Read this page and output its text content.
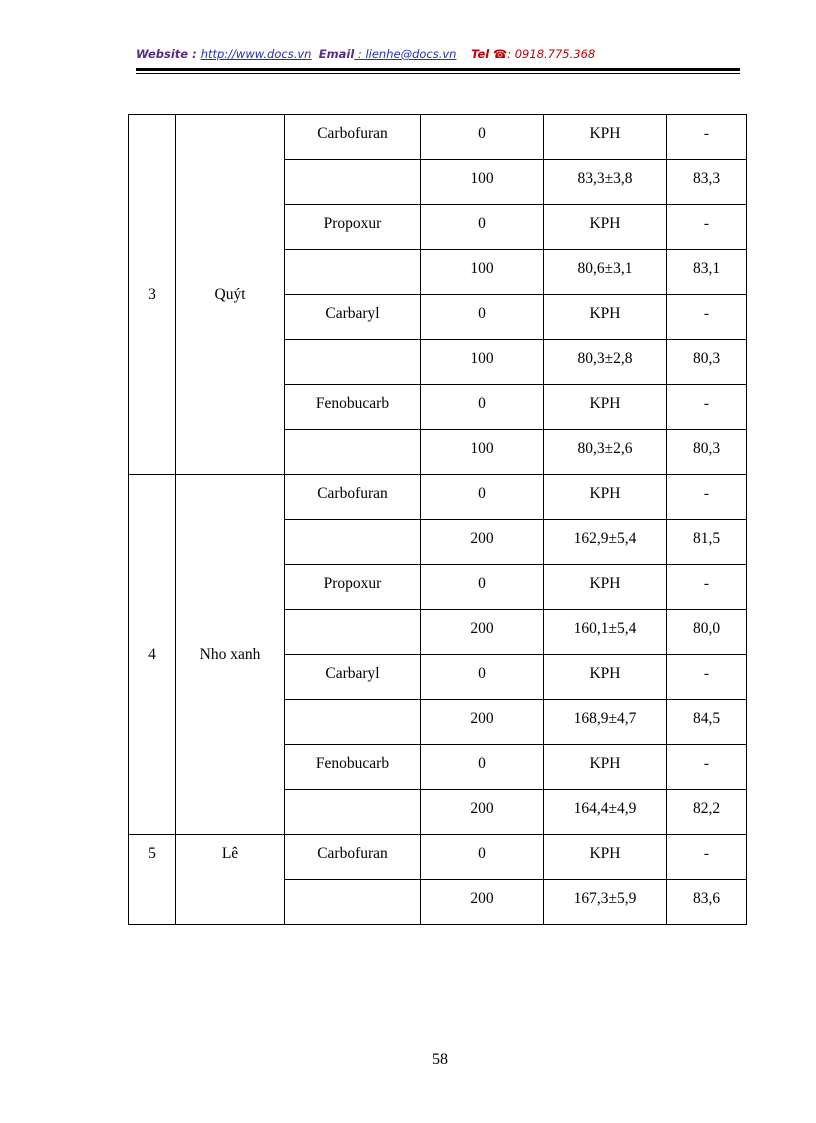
Website : http://www.docs.vn Email : lienhe@docs.vn Tel ☎: 0918.775.368
3	Quýt	Carbofuran	0	KPH	-
			100	83,3±3,8	83,3
		Propoxur	0	KPH	-
			100	80,6±3,1	83,1
		Carbaryl	0	KPH	-
			100	80,3±2,8	80,3
		Fenobucarb	0	KPH	-
			100	80,3±2,6	80,3
4	Nho xanh	Carbofuran	0	KPH	-
			200	162,9±5,4	81,5
		Propoxur	0	KPH	-
			200	160,1±5,4	80,0
		Carbaryl	0	KPH	-
			200	168,9±4,7	84,5
		Fenobucarb	0	KPH	-
			200	164,4±4,9	82,2
5	Lê	Carbofuran	0	KPH	-
			200	167,3±5,9	83,6
58
